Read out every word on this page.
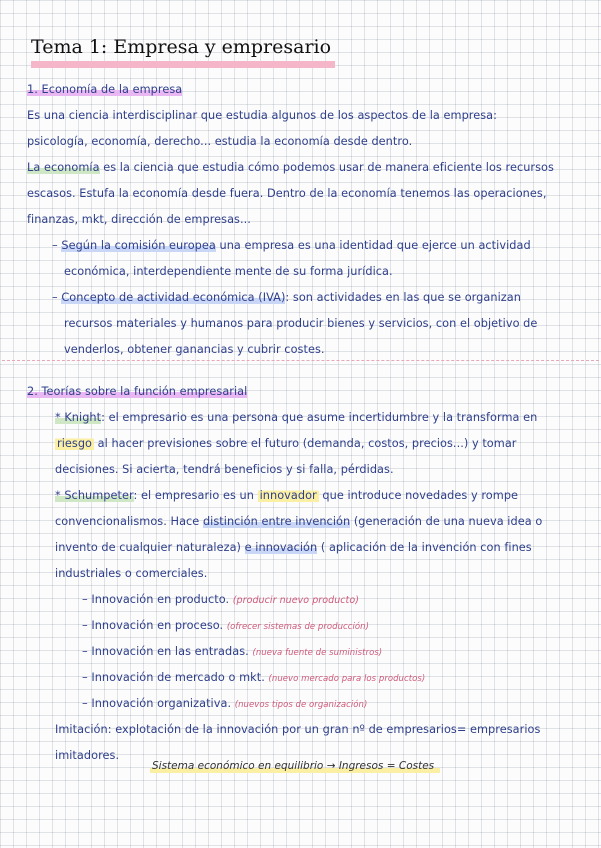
Tema 1: Empresa y empresario
1. Economía de la empresa
Es una ciencia interdisciplinar que estudia algunos de los aspectos de la empresa:
psicología, economía, derecho... estudia la economía desde dentro.
La economía es la ciencia que estudia cómo podemos usar de manera eficiente los recursos
escasos. Estufa la economía desde fuera. Dentro de la economía tenemos las operaciones,
finanzas, mkt, dirección de empresas...
– Según la comisión europea una empresa es una identidad que ejerce un actividad
económica, interdependiente mente de su forma jurídica.
– Concepto de actividad económica (IVA): son actividades en las que se organizan
recursos materiales y humanos para producir bienes y servicios, con el objetivo de
venderlos, obtener ganancias y cubrir costes.
2. Teorías sobre la función empresarial
* Knight: el empresario es una persona que asume incertidumbre y la transforma en
riesgo al hacer previsiones sobre el futuro (demanda, costos, precios...) y tomar
decisiones. Si acierta, tendrá beneficios y si falla, pérdidas.
* Schumpeter: el empresario es un innovador que introduce novedades y rompe
convencionalismos. Hace distinción entre invención (generación de una nueva idea o
invento de cualquier naturaleza) e innovación ( aplicación de la invención con fines
industriales o comerciales.
– Innovación en producto. (producir nuevo producto)
– Innovación en proceso. (ofrecer sistemas de producción)
– Innovación en las entradas. (nueva fuente de suministros)
– Innovación de mercado o mkt. (nuevo mercado para los productos)
– Innovación organizativa. (nuevos tipos de organización)
Imitación: explotación de la innovación por un gran nº de empresarios= empresarios
imitadores.
Sistema económico en equilibrio → Ingresos = Costes
